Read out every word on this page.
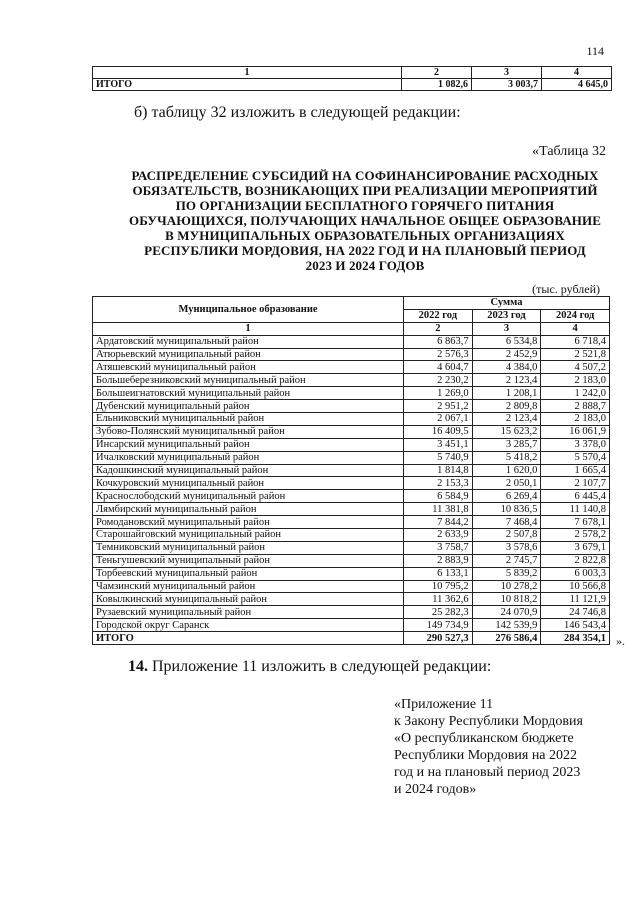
114
1	2	3	4
ИТОГО	1 082,6	3 003,7	4 645,0
б) таблицу 32 изложить в следующей редакции:
«Таблица 32
РАСПРЕДЕЛЕНИЕ СУБСИДИЙ НА СОФИНАНСИРОВАНИЕ РАСХОДНЫХ
ОБЯЗАТЕЛЬСТВ, ВОЗНИКАЮЩИХ ПРИ РЕАЛИЗАЦИИ МЕРОПРИЯТИЙ
ПО ОРГАНИЗАЦИИ БЕСПЛАТНОГО ГОРЯЧЕГО ПИТАНИЯ
ОБУЧАЮЩИХСЯ, ПОЛУЧАЮЩИХ НАЧАЛЬНОЕ ОБЩЕЕ ОБРАЗОВАНИЕ
В МУНИЦИПАЛЬНЫХ ОБРАЗОВАТЕЛЬНЫХ ОРГАНИЗАЦИЯХ
РЕСПУБЛИКИ МОРДОВИЯ, НА 2022 ГОД И НА ПЛАНОВЫЙ ПЕРИОД
2023 И 2024 ГОДОВ
(тыс. рублей)
Муниципальное образование	Сумма		
	2022 год	2023 год	2024 год
1	2	3	4
Ардатовский муниципальный район	6 863,7	6 534,8	6 718,4
Атюрьевский муниципальный район	2 576,3	2 452,9	2 521,8
Атяшевский муниципальный район	4 604,7	4 384,0	4 507,2
Большеберезниковский муниципальный район	2 230,2	2 123,4	2 183,0
Большеигнатовский муниципальный район	1 269,0	1 208,1	1 242,0
Дубенский муниципальный район	2 951,2	2 809,8	2 888,7
Ельниковский муниципальный район	2 067,1	2 123,4	2 183,0
Зубово-Полянский муниципальный район	16 409,5	15 623,2	16 061,9
Инсарский муниципальный район	3 451,1	3 285,7	3 378,0
Ичалковский муниципальный район	5 740,9	5 418,2	5 570,4
Кадошкинский муниципальный район	1 814,8	1 620,0	1 665,4
Кочкуровский муниципальный район	2 153,3	2 050,1	2 107,7
Краснослободский муниципальный район	6 584,9	6 269,4	6 445,4
Лямбирский муниципальный район	11 381,8	10 836,5	11 140,8
Ромодановский муниципальный район	7 844,2	7 468,4	7 678,1
Старошайговский муниципальный район	2 633,9	2 507,8	2 578,2
Темниковский муниципальный район	3 758,7	3 578,6	3 679,1
Теньгушевский муниципальный район	2 883,9	2 745,7	2 822,8
Торбеевский муниципальный район	6 133,1	5 839,2	6 003,3
Чамзинский муниципальный район	10 795,2	10 278,2	10 566,8
Ковылкинский муниципальный район	11 362,6	10 818,2	11 121,9
Рузаевский муниципальный район	25 282,3	24 070,9	24 746,8
Городской округ Саранск	149 734,9	142 539,9	146 543,4
ИТОГО	290 527,3	276 586,4	284 354,1 ».
14. Приложение 11 изложить в следующей редакции:
«Приложение 11
к Закону Республики Мордовия
«О республиканском бюджете
Республики Мордовия на 2022
год и на плановый период 2023
и 2024 годов»
